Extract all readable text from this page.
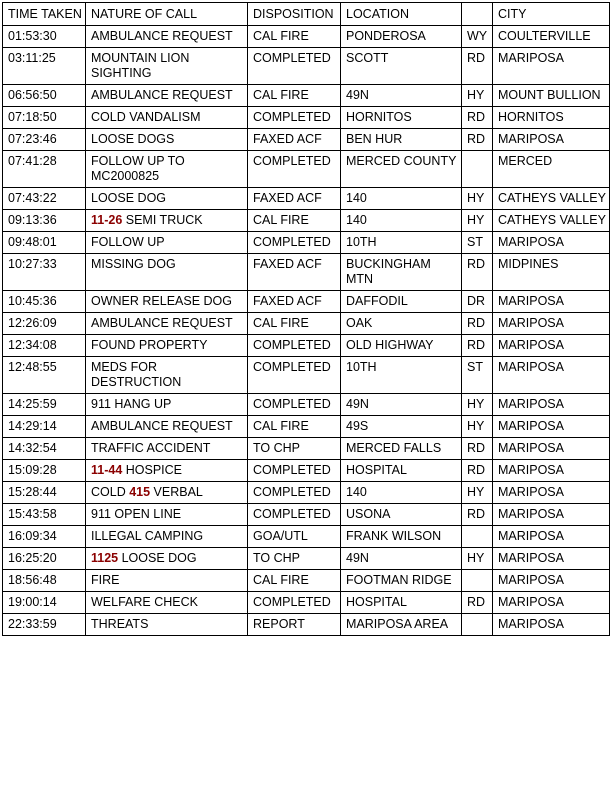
TIME TAKEN	NATURE OF CALL	DISPOSITION	LOCATION		CITY
01:53:30	AMBULANCE REQUEST	CAL FIRE	PONDEROSA	WY	COULTERVILLE
03:11:25	MOUNTAIN LION SIGHTING	COMPLETED	SCOTT	RD	MARIPOSA
06:56:50	AMBULANCE REQUEST	CAL FIRE	49N	HY	MOUNT BULLION
07:18:50	COLD VANDALISM	COMPLETED	HORNITOS	RD	HORNITOS
07:23:46	LOOSE DOGS	FAXED ACF	BEN HUR	RD	MARIPOSA
07:41:28	FOLLOW UP TO MC2000825	COMPLETED	MERCED COUNTY		MERCED
07:43:22	LOOSE DOG	FAXED ACF	140	HY	CATHEYS VALLEY
09:13:36	11-26 SEMI TRUCK	CAL FIRE	140	HY	CATHEYS VALLEY
09:48:01	FOLLOW UP	COMPLETED	10TH	ST	MARIPOSA
10:27:33	MISSING DOG	FAXED ACF	BUCKINGHAM MTN	RD	MIDPINES
10:45:36	OWNER RELEASE DOG	FAXED ACF	DAFFODIL	DR	MARIPOSA
12:26:09	AMBULANCE REQUEST	CAL FIRE	OAK	RD	MARIPOSA
12:34:08	FOUND PROPERTY	COMPLETED	OLD HIGHWAY	RD	MARIPOSA
12:48:55	MEDS FOR DESTRUCTION	COMPLETED	10TH	ST	MARIPOSA
14:25:59	911 HANG UP	COMPLETED	49N	HY	MARIPOSA
14:29:14	AMBULANCE REQUEST	CAL FIRE	49S	HY	MARIPOSA
14:32:54	TRAFFIC ACCIDENT	TO CHP	MERCED FALLS	RD	MARIPOSA
15:09:28	11-44 HOSPICE	COMPLETED	HOSPITAL	RD	MARIPOSA
15:28:44	COLD 415 VERBAL	COMPLETED	140	HY	MARIPOSA
15:43:58	911 OPEN LINE	COMPLETED	USONA	RD	MARIPOSA
16:09:34	ILLEGAL CAMPING	GOA/UTL	FRANK WILSON		MARIPOSA
16:25:20	1125 LOOSE DOG	TO CHP	49N	HY	MARIPOSA
18:56:48	FIRE	CAL FIRE	FOOTMAN RIDGE		MARIPOSA
19:00:14	WELFARE CHECK	COMPLETED	HOSPITAL	RD	MARIPOSA
22:33:59	THREATS	REPORT	MARIPOSA AREA		MARIPOSA
